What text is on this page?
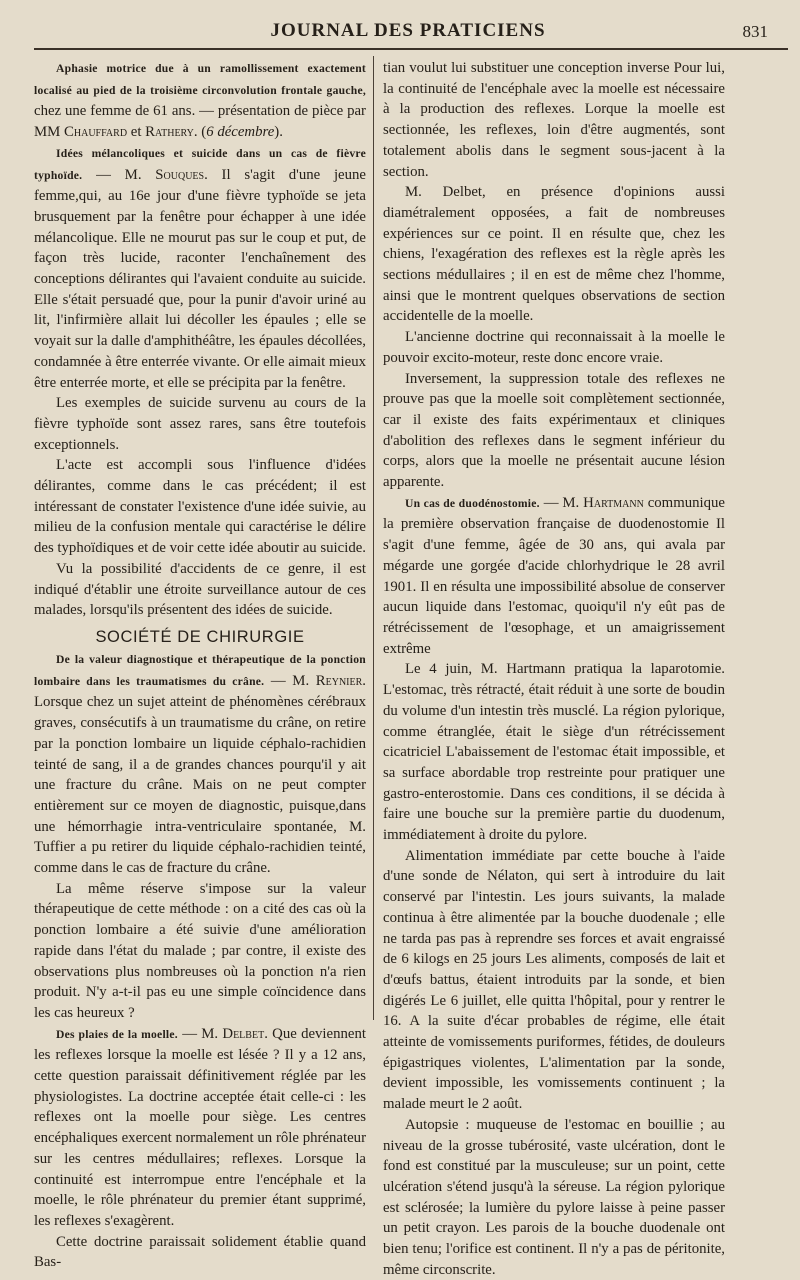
JOURNAL DES PRATICIENS	831

Aphasie motrice due à un ramollissement exactement localisé au pied de la troisième circonvolution frontale gauche, chez une femme de 61 ans. — présentation de pièce par MM Chauffard et Rathery. (6 décembre).

Idées mélancoliques et suicide dans un cas de fièvre typhoïde. — M. Souques. Il s'agit d'une jeune femme,qui, au 16e jour d'une fièvre typhoïde se jeta brusquement par la fenêtre pour échapper à une idée mélancolique. Elle ne mourut pas sur le coup et put, de façon très lucide, raconter l'enchaînement des conceptions délirantes qui l'avaient conduite au suicide. Elle s'était persuadé que, pour la punir d'avoir uriné au lit, l'infirmière allait lui décoller les épaules ; elle se voyait sur la dalle d'amphithéâtre, les épaules décollées, condamnée à être enterrée vivante. Or elle aimait mieux être enterrée morte, et elle se précipita par la fenêtre.

Les exemples de suicide survenu au cours de la fièvre typhoïde sont assez rares, sans être toutefois exceptionnels.

L'acte est accompli sous l'influence d'idées délirantes, comme dans le cas précédent; il est intéressant de constater l'existence d'une idée suivie, au milieu de la confusion mentale qui caractérise le délire des typhoïdiques et de voir cette idée aboutir au suicide.

Vu la possibilité d'accidents de ce genre, il est indiqué d'établir une étroite surveillance autour de ces malades, lorsqu'ils présentent des idées de suicide.

SOCIÉTÉ DE CHIRURGIE

De la valeur diagnostique et thérapeutique de la ponction lombaire dans les traumatismes du crâne. — M. Reynier. Lorsque chez un sujet atteint de phénomènes cérébraux graves, consécutifs à un traumatisme du crâne, on retire par la ponction lombaire un liquide céphalo-rachidien teinté de sang, il a de grandes chances pourqu'il y ait une fracture du crâne. Mais on ne peut compter entièrement sur ce moyen de diagnostic, puisque,dans une hémorrhagie intra-ventriculaire spontanée, M. Tuffier a pu retirer du liquide céphalo-rachidien teinté, comme dans le cas de fracture du crâne.

La même réserve s'impose sur la valeur thérapeutique de cette méthode : on a cité des cas où la ponction lombaire a été suivie d'une amélioration rapide dans l'état du malade ; par contre, il existe des observations plus nombreuses où la ponction n'a rien produit. N'y a-t-il pas eu une simple coïncidence dans les cas heureux ?

Des plaies de la moelle. — M. Delbet. Que deviennent les reflexes lorsque la moelle est lésée ? Il y a 12 ans, cette question paraissait définitivement réglée par les physiologistes. La doctrine acceptée était celle-ci : les reflexes ont la moelle pour siège. Les centres encéphaliques exercent normalement un rôle phrénateur sur les centres médullaires; reflexes. Lorsque la continuité est interrompue entre l'encéphale et la moelle, le rôle phrénateur du premier étant supprimé, les reflexes s'exagèrent.

Cette doctrine paraissait solidement établie quand Bas-

tian voulut lui substituer une conception inverse Pour lui, la continuité de l'encéphale avec la moelle est nécessaire à la production des reflexes. Lorque la moelle est sectionnée, les reflexes, loin d'être augmentés, sont totalement abolis dans le segment sous-jacent à la section.

M. Delbet, en présence d'opinions aussi diamétralement opposées, a fait de nombreuses expériences sur ce point. Il en résulte que, chez les chiens, l'exagération des reflexes est la règle après les sections médullaires ; il en est de même chez l'homme, ainsi que le montrent quelques observations de section accidentelle de la moelle.

L'ancienne doctrine qui reconnaissait à la moelle le pouvoir excito-moteur, reste donc encore vraie.

Inversement, la suppression totale des reflexes ne prouve pas que la moelle soit complètement sectionnée, car il existe des faits expérimentaux et cliniques d'abolition des reflexes dans le segment inférieur du corps, alors que la moelle ne présentait aucune lésion apparente.

Un cas de duodénostomie. — M. Hartmann communique la première observation française de duodenostomie Il s'agit d'une femme, âgée de 30 ans, qui avala par mégarde une gorgée d'acide chlorhydrique le 28 avril 1901. Il en résulta une impossibilité absolue de conserver aucun liquide dans l'estomac, quoiqu'il n'y eût pas de rétrécissement de l'œsophage, et un amaigrissement extrême

Le 4 juin, M. Hartmann pratiqua la laparotomie. L'estomac, très rétracté, était réduit à une sorte de boudin du volume d'un intestin très musclé. La région pylorique, comme étranglée, était le siège d'un rétrécissement cicatriciel L'abaissement de l'estomac était impossible, et sa surface abordable trop restreinte pour pratiquer une gastro-enterostomie. Dans ces conditions, il se décida à faire une bouche sur la première partie du duodenum, immédiatement à droite du pylore.

Alimentation immédiate par cette bouche à l'aide d'une sonde de Nélaton, qui sert à introduire du lait conservé par l'intestin. Les jours suivants, la malade continua à être alimentée par la bouche duodenale ; elle ne tarda pas pas à reprendre ses forces et avait engraissé de 6 kilogs en 25 jours Les aliments, composés de lait et d'œufs battus, étaient introduits par la sonde, et bien digérés Le 6 juillet, elle quitta l'hôpital, pour y rentrer le 16. A la suite d'écar probables de régime, elle était atteinte de vomissements puriformes, fétides, de douleurs épigastriques violentes, L'alimentation par la sonde, devient impossible, les vomissements continuent ; la malade meurt le 2 août.

Autopsie : muqueuse de l'estomac en bouillie ; au niveau de la grosse tubérosité, vaste ulcération, dont le fond est constitué par la musculeuse; sur un point, cette ulcération s'étend jusqu'à la séreuse. La région pylorique est sclérosée; la lumière du pylore laisse à peine passer un petit crayon. Les parois de la bouche duodenale ont bien tenu; l'orifice est continent. Il n'y a pas de péritonite, même circonscrite.
